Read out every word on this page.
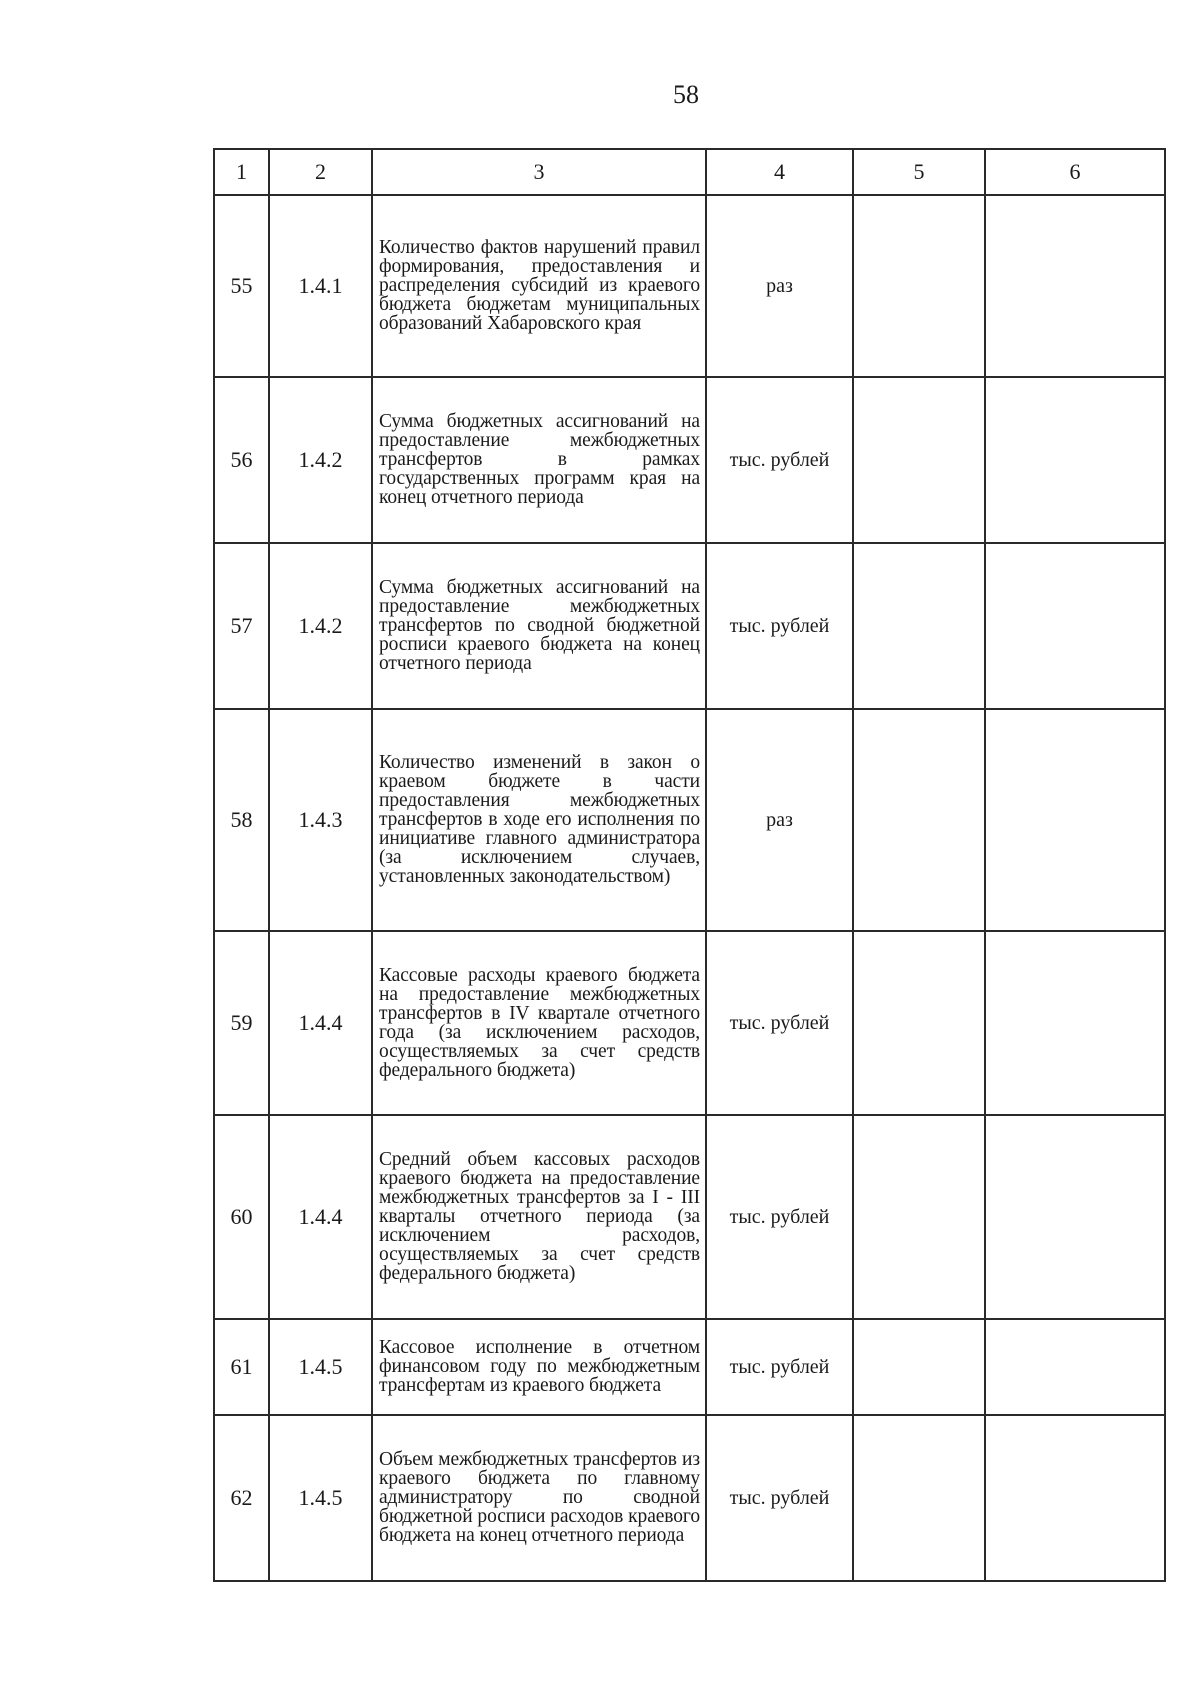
58
1	2	3	4	5	6
55	1.4.1	Количество фактов нарушений правил формирования, предоставления и распределения субсидий из краевого бюджета бюджетам муниципальных образований Хабаровского края	раз		
56	1.4.2	Сумма бюджетных ассигнований на предоставление межбюджетных трансфертов в рамках государственных программ края на конец отчетного периода	тыс. рублей		
57	1.4.2	Сумма бюджетных ассигнований на предоставление межбюджетных трансфертов по сводной бюджетной росписи краевого бюджета на конец отчетного периода	тыс. рублей		
58	1.4.3	Количество изменений в закон о краевом бюджете в части предоставления межбюджетных трансфертов в ходе его исполнения по инициативе главного администратора (за исключением случаев, установленных законодательством)	раз		
59	1.4.4	Кассовые расходы краевого бюджета на предоставление межбюджетных трансфертов в IV квартале отчетного года (за исключением расходов, осуществляемых за счет средств федерального бюджета)	тыс. рублей		
60	1.4.4	Средний объем кассовых расходов краевого бюджета на предоставление межбюджетных трансфертов за I - III кварталы отчетного периода (за исключением расходов, осуществляемых за счет средств федерального бюджета)	тыс. рублей		
61	1.4.5	Кассовое исполнение в отчетном финансовом году по межбюджетным трансфертам из краевого бюджета	тыс. рублей		
62	1.4.5	Объем межбюджетных трансфертов из краевого бюджета по главному администратору по сводной бюджетной росписи расходов краевого бюджета на конец отчетного периода	тыс. рублей		
